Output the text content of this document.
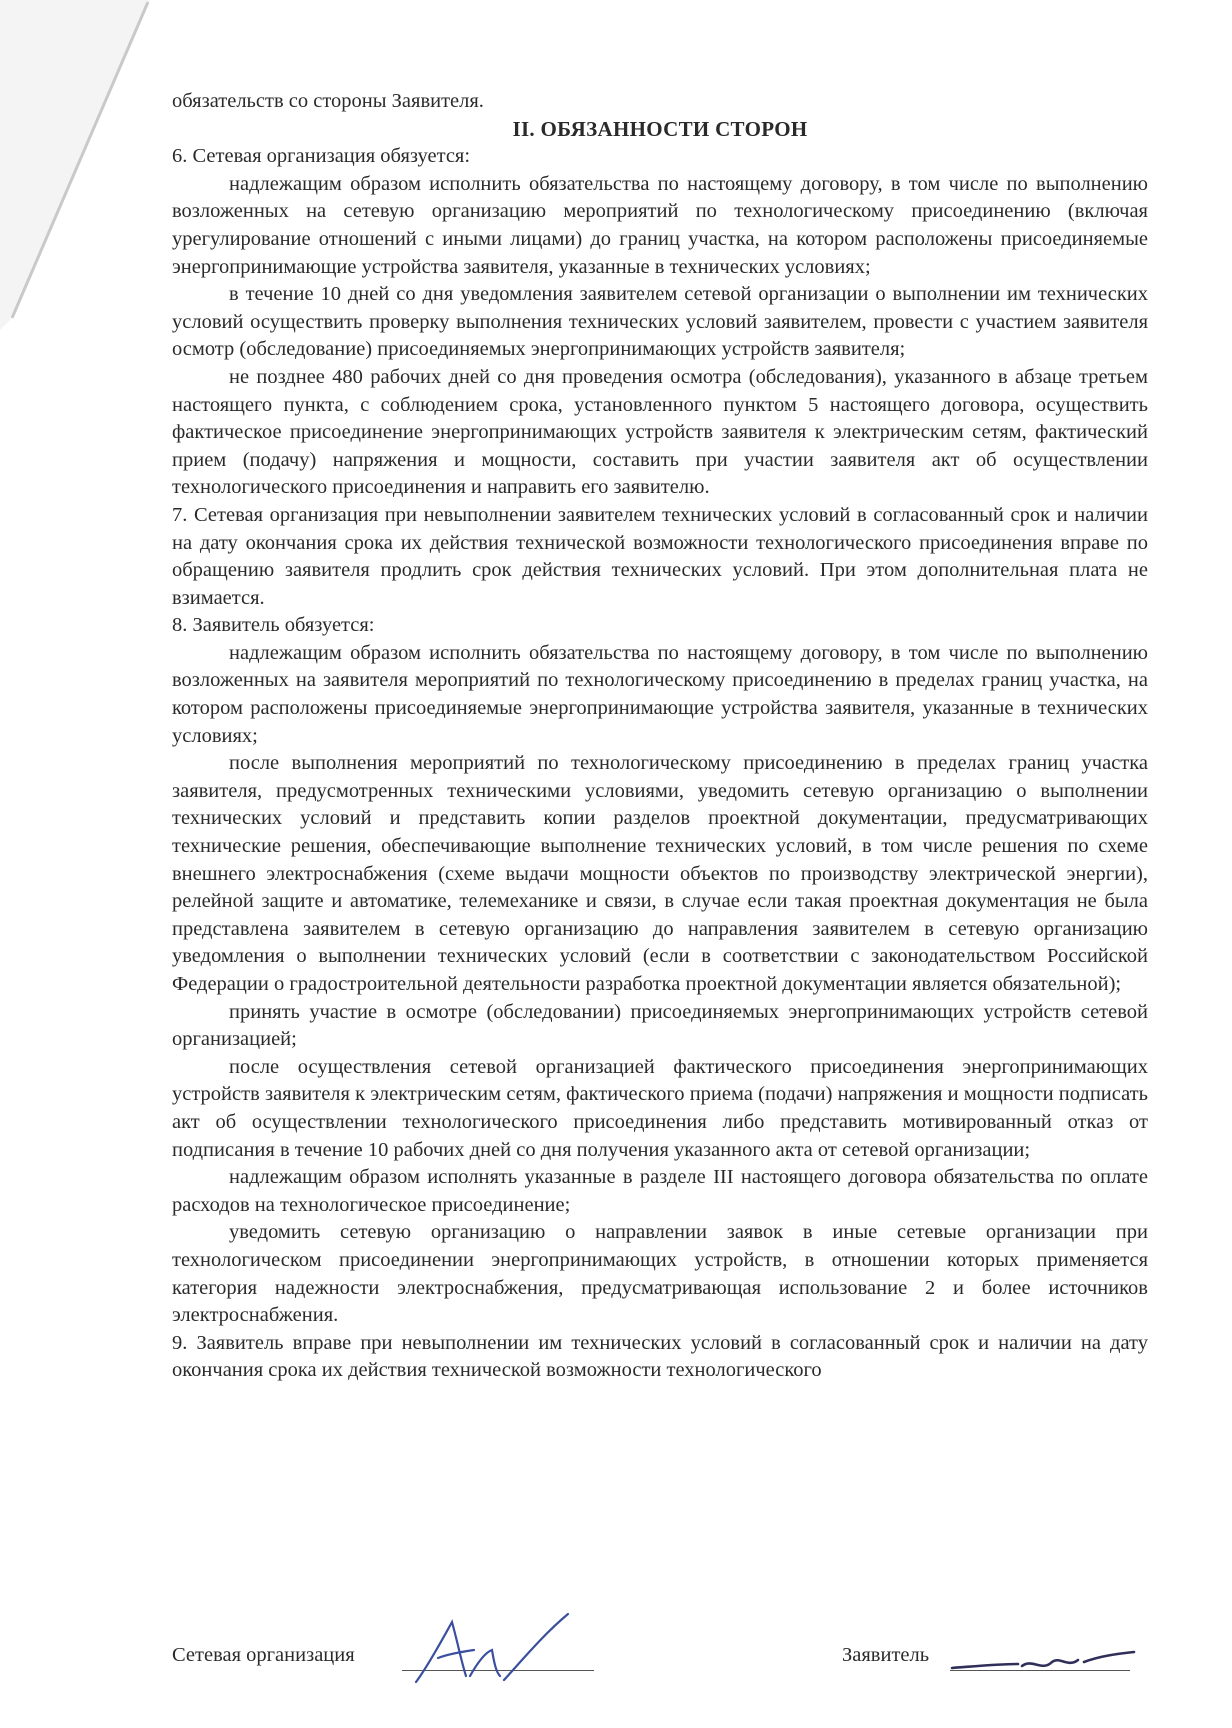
обязательств со стороны Заявителя.

II. ОБЯЗАННОСТИ СТОРОН

6. Сетевая организация обязуется:

надлежащим образом исполнить обязательства по настоящему договору, в том числе по выполнению возложенных на сетевую организацию мероприятий по технологическому присоединению (включая урегулирование отношений с иными лицами) до границ участка, на котором расположены присоединяемые энергопринимающие устройства заявителя, указанные в технических условиях;

в течение 10 дней со дня уведомления заявителем сетевой организации о выполнении им технических условий осуществить проверку выполнения технических условий заявителем, провести с участием заявителя осмотр (обследование) присоединяемых энергопринимающих устройств заявителя;

не позднее 480 рабочих дней со дня проведения осмотра (обследования), указанного в абзаце третьем настоящего пункта, с соблюдением срока, установленного пунктом 5 настоящего договора, осуществить фактическое присоединение энергопринимающих устройств заявителя к электрическим сетям, фактический прием (подачу) напряжения и мощности, составить при участии заявителя акт об осуществлении технологического присоединения и направить его заявителю.

7. Сетевая организация при невыполнении заявителем технических условий в согласованный срок и наличии на дату окончания срока их действия технической возможности технологического присоединения вправе по обращению заявителя продлить срок действия технических условий. При этом дополнительная плата не взимается.

8. Заявитель обязуется:

надлежащим образом исполнить обязательства по настоящему договору, в том числе по выполнению возложенных на заявителя мероприятий по технологическому присоединению в пределах границ участка, на котором расположены присоединяемые энергопринимающие устройства заявителя, указанные в технических условиях;

после выполнения мероприятий по технологическому присоединению в пределах границ участка заявителя, предусмотренных техническими условиями, уведомить сетевую организацию о выполнении технических условий и представить копии разделов проектной документации, предусматривающих технические решения, обеспечивающие выполнение технических условий, в том числе решения по схеме внешнего электроснабжения (схеме выдачи мощности объектов по производству электрической энергии), релейной защите и автоматике, телемеханике и связи, в случае если такая проектная документация не была представлена заявителем в сетевую организацию до направления заявителем в сетевую организацию уведомления о выполнении технических условий (если в соответствии с законодательством Российской Федерации о градостроительной деятельности разработка проектной документации является обязательной);

принять участие в осмотре (обследовании) присоединяемых энергопринимающих устройств сетевой организацией;

после осуществления сетевой организацией фактического присоединения энергопринимающих устройств заявителя к электрическим сетям, фактического приема (подачи) напряжения и мощности подписать акт об осуществлении технологического присоединения либо представить мотивированный отказ от подписания в течение 10 рабочих дней со дня получения указанного акта от сетевой организации;

надлежащим образом исполнять указанные в разделе III настоящего договора обязательства по оплате расходов на технологическое присоединение;

уведомить сетевую организацию о направлении заявок в иные сетевые организации при технологическом присоединении энергопринимающих устройств, в отношении которых применяется категория надежности электроснабжения, предусматривающая использование 2 и более источников электроснабжения.

9. Заявитель вправе при невыполнении им технических условий в согласованный срок и наличии на дату окончания срока их действия технической возможности технологического

Сетевая организация	Заявитель
